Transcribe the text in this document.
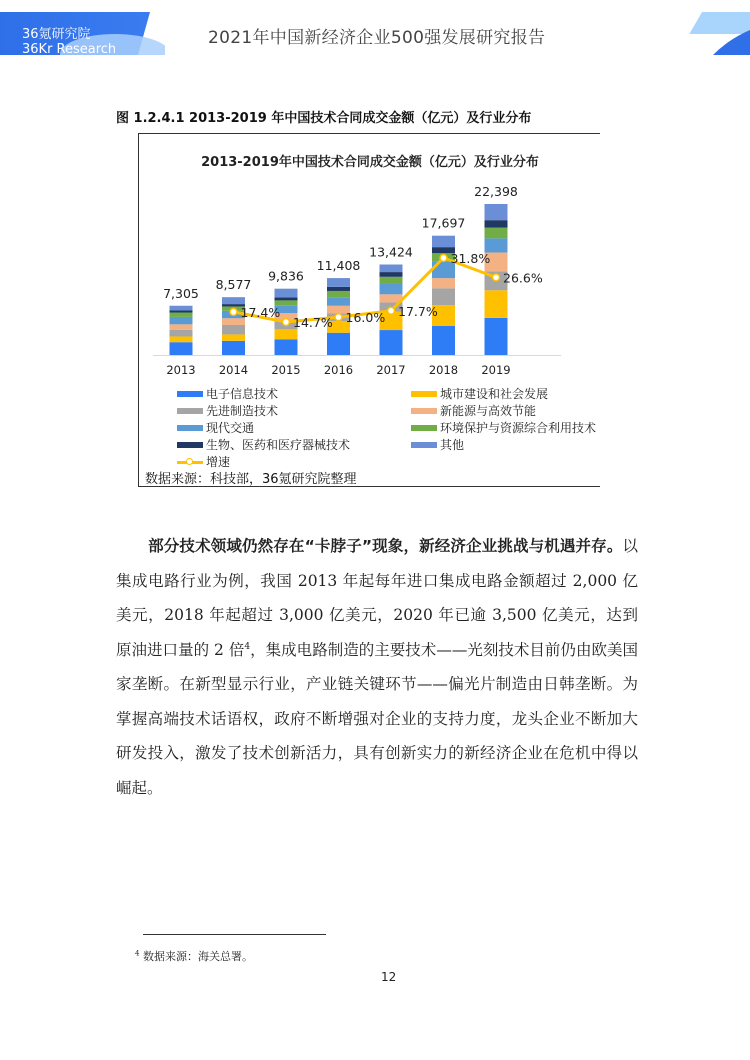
36氪研究院
36Kr Research
2021年中国新经济企业500强发展研究报告
图 1.2.4.1 2013-2019 年中国技术合同成交金额（亿元）及行业分布
2013-2019年中国技术合同成交金额（亿元）及行业分布
7,305
2013
8,577
2014
9,836
2015
11,408
2016
13,424
2017
17,697
2018
22,398
2019
17.4%
14.7% 16.0% 17.7%
31.8%
26.6%
电子信息技术	城市建设和社会发展
先进制造技术	新能源与高效节能
现代交通	环境保护与资源综合利用技术
生物、医药和医疗器械技术	其他
增速
数据来源：科技部，36氪研究院整理
部分技术领域仍然存在“卡脖子”现象，新经济企业挑战与机遇并存。以集成电路行业为例，我国 2013 年起每年进口集成电路金额超过 2,000 亿美元，2018 年起超过 3,000 亿美元，2020 年已逾 3,500 亿美元，达到原油进口量的 2 倍$^4$，集成电路制造的主要技术——光刻技术目前仍由欧美国家垄断。在新型显示行业，产业链关键环节——偏光片制造由日韩垄断。为掌握高端技术话语权，政府不断增强对企业的支持力度，龙头企业不断加大研发投入，激发了技术创新活力，具有创新实力的新经济企业在危机中得以崛起。
$^4$ 数据来源：海关总署。
12
